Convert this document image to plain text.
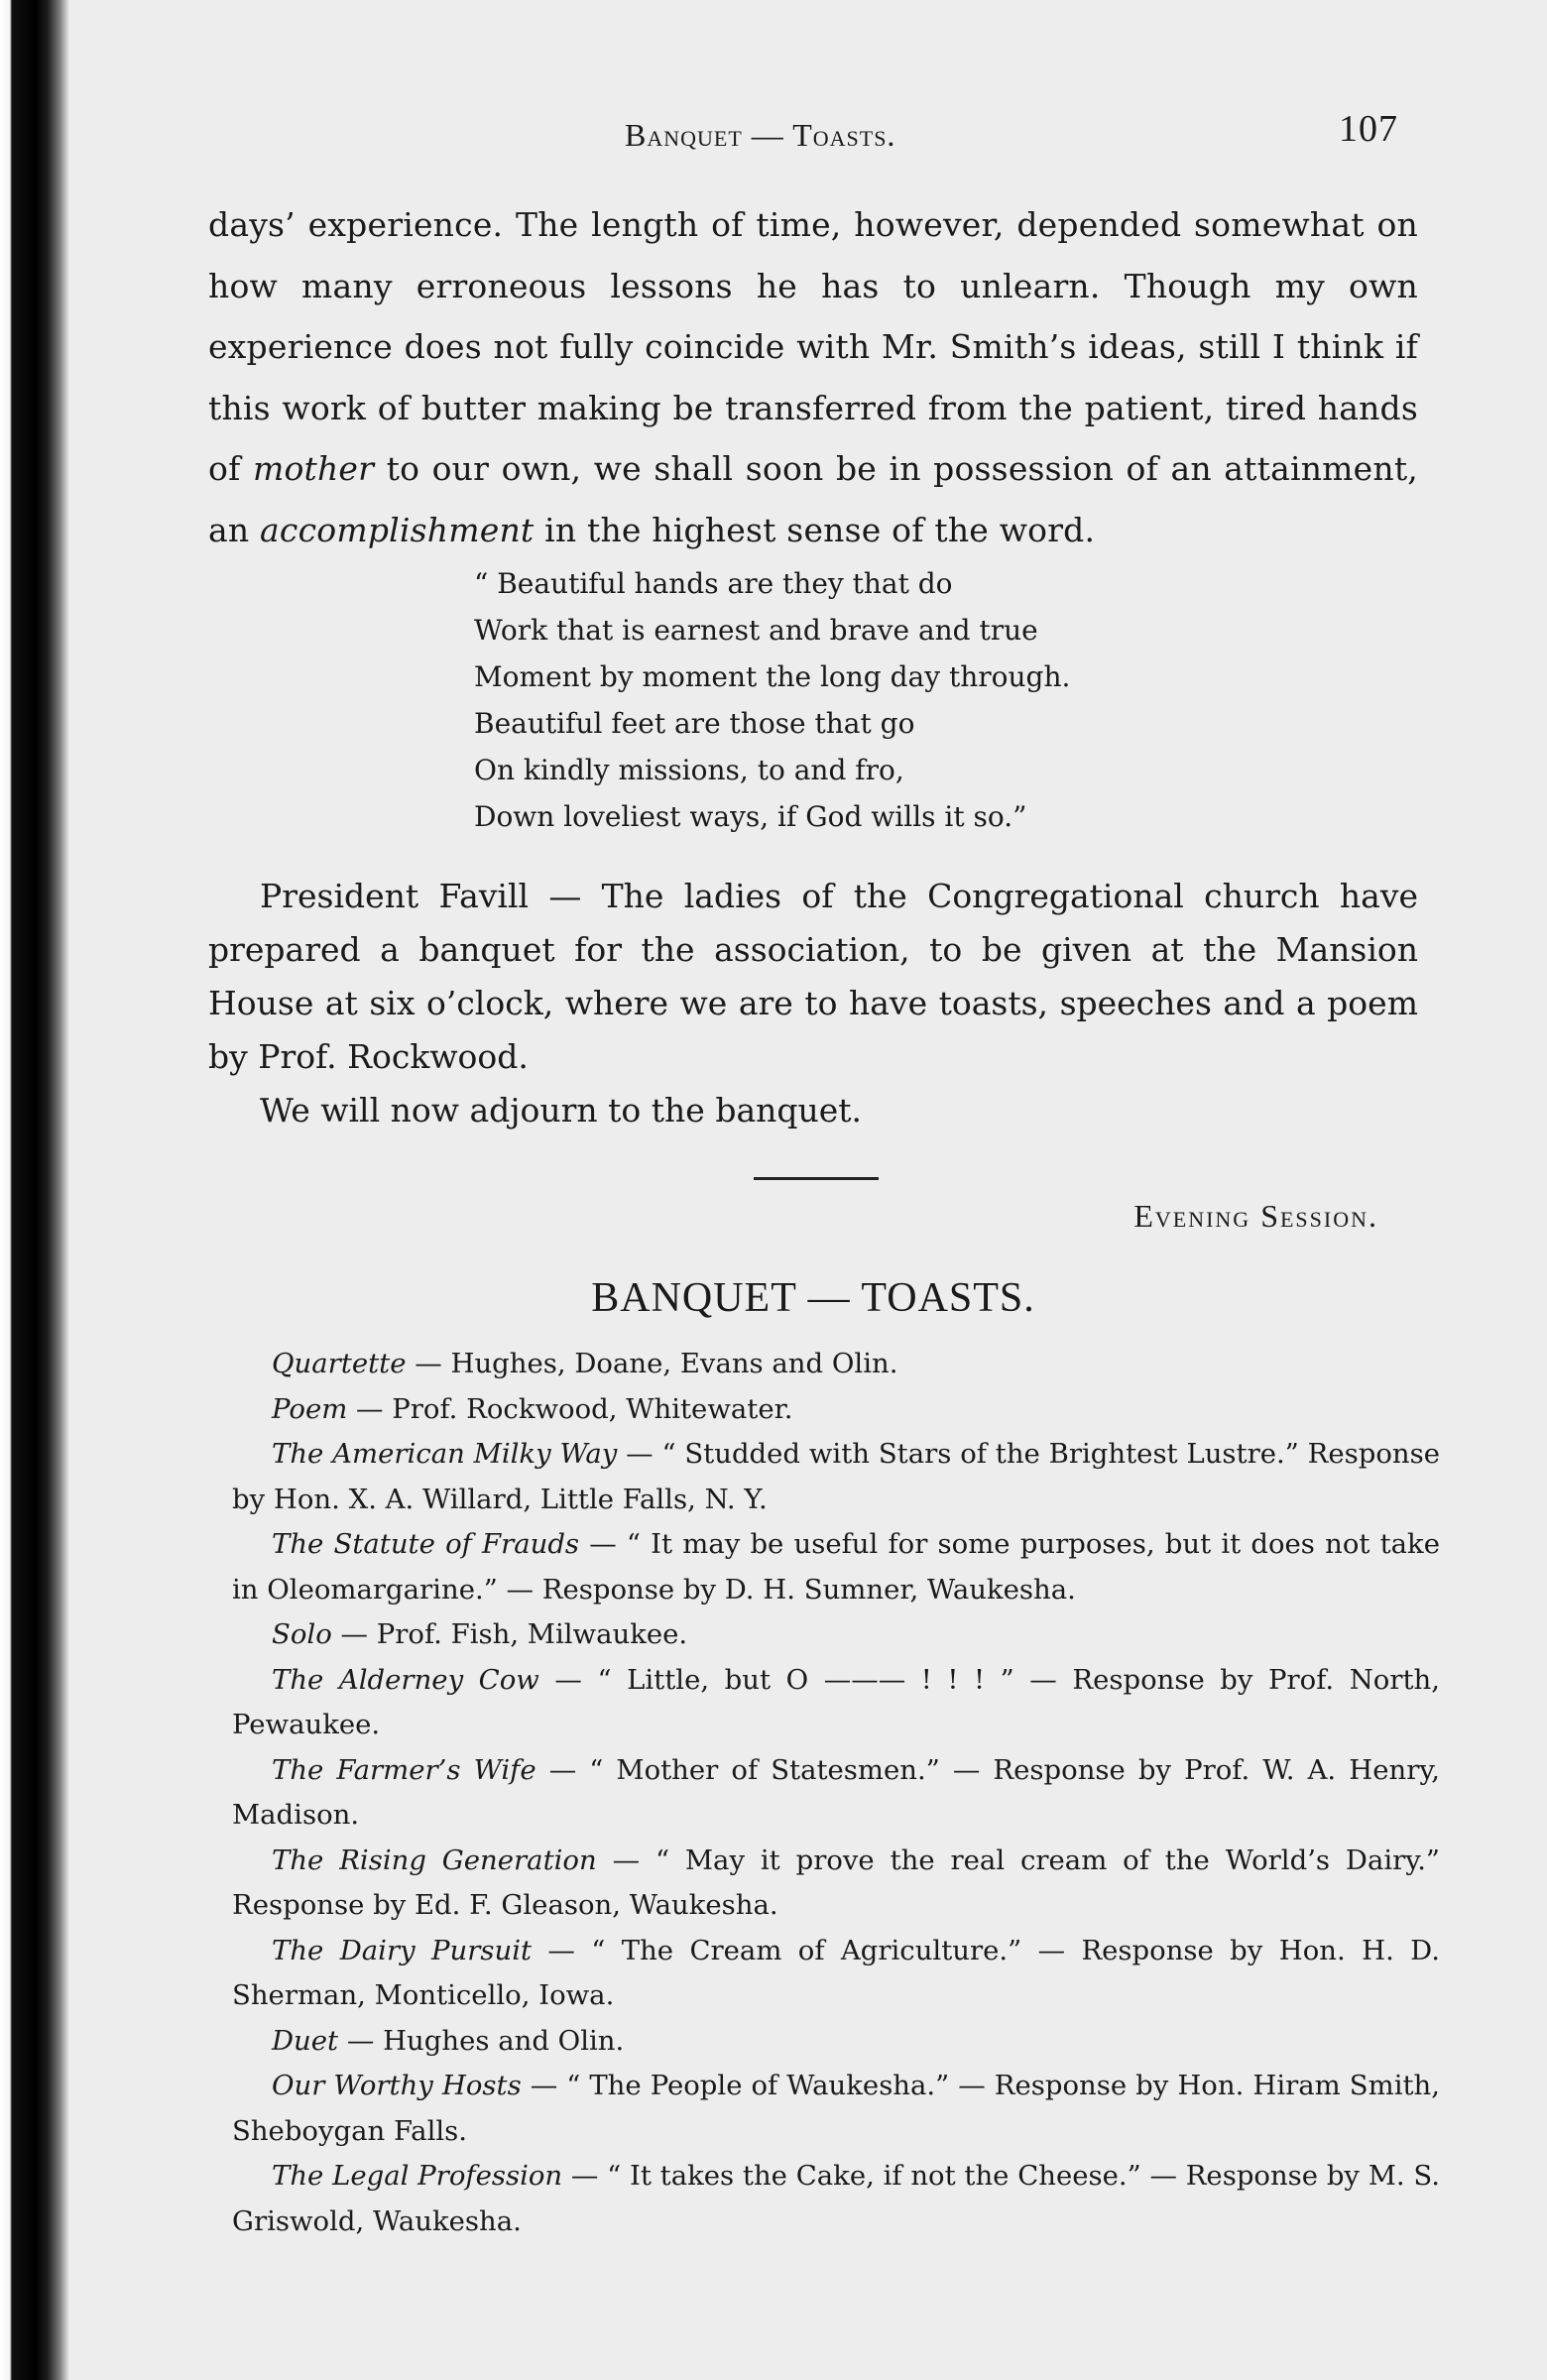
Banquet — Toasts.	107

days’ experience. The length of time, however, depended somewhat on how many erroneous lessons he has to unlearn. Though my own experience does not fully coincide with Mr. Smith’s ideas, still I think if this work of butter making be transferred from the patient, tired hands of mother to our own, we shall soon be in possession of an attainment, an accomplishment in the highest sense of the word.

“ Beautiful hands are they that do
Work that is earnest and brave and true
Moment by moment the long day through.
Beautiful feet are those that go
On kindly missions, to and fro,
Down loveliest ways, if God wills it so.”

President Favill — The ladies of the Congregational church have prepared a banquet for the association, to be given at the Mansion House at six o’clock, where we are to have toasts, speeches and a poem by Prof. Rockwood.

We will now adjourn to the banquet.

Evening Session.
BANQUET — TOASTS.

Quartette — Hughes, Doane, Evans and Olin.

Poem — Prof. Rockwood, Whitewater.

The American Milky Way — “ Studded with Stars of the Brightest Lustre.” Response by Hon. X. A. Willard, Little Falls, N. Y.

The Statute of Frauds — “ It may be useful for some purposes, but it does not take in Oleomargarine.” — Response by D. H. Sumner, Waukesha.

Solo — Prof. Fish, Milwaukee.

The Alderney Cow — “ Little, but O ——— ! ! ! ” — Response by Prof. North, Pewaukee.

The Farmer’s Wife — “ Mother of Statesmen.” — Response by Prof. W. A. Henry, Madison.

The Rising Generation — “ May it prove the real cream of the World’s Dairy.” Response by Ed. F. Gleason, Waukesha.

The Dairy Pursuit — “ The Cream of Agriculture.” — Response by Hon. H. D. Sherman, Monticello, Iowa.

Duet — Hughes and Olin.

Our Worthy Hosts — “ The People of Waukesha.” — Response by Hon. Hiram Smith, Sheboygan Falls.

The Legal Profession — “ It takes the Cake, if not the Cheese.” — Response by M. S. Griswold, Waukesha.
